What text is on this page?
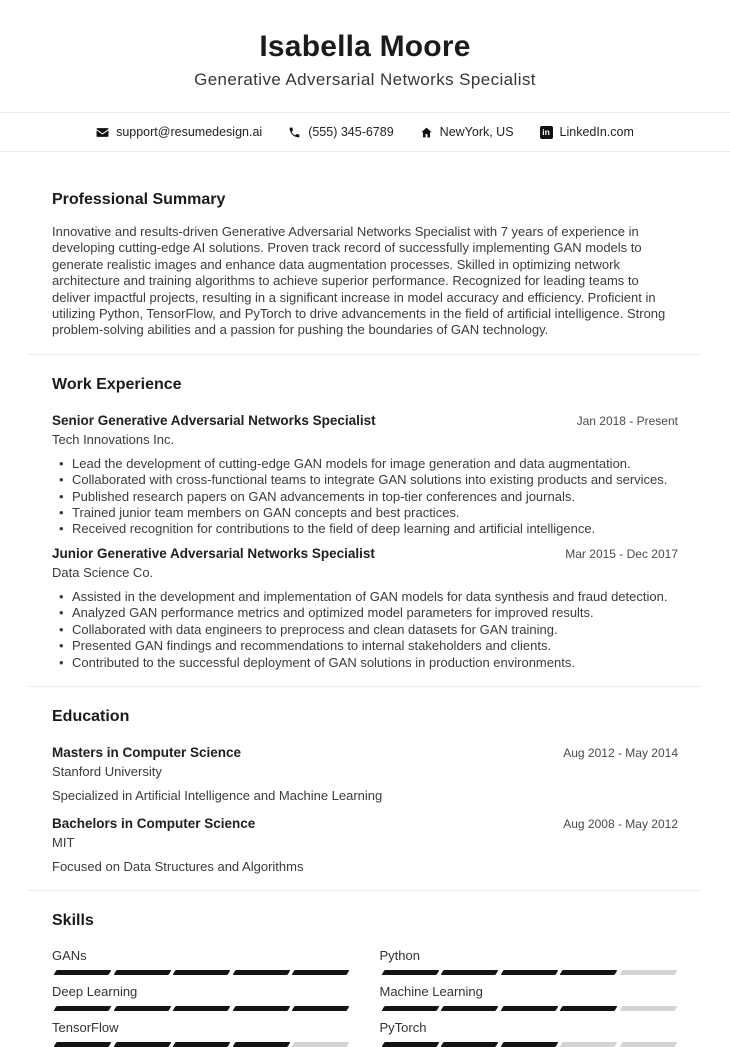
Isabella Moore
Generative Adversarial Networks Specialist
support@resumedesign.ai	(555) 345-6789	NewYork, US	in LinkedIn.com
Professional Summary

Innovative and results-driven Generative Adversarial Networks Specialist with 7 years of experience in developing cutting-edge AI solutions. Proven track record of successfully implementing GAN models to generate realistic images and enhance data augmentation processes. Skilled in optimizing network architecture and training algorithms to achieve superior performance. Recognized for leading teams to deliver impactful projects, resulting in a significant increase in model accuracy and efficiency. Proficient in utilizing Python, TensorFlow, and PyTorch to drive advancements in the field of artificial intelligence. Strong problem-solving abilities and a passion for pushing the boundaries of GAN technology.

Work Experience
Senior Generative Adversarial Networks Specialist	Jan 2018 - Present
Tech Innovations Inc.
• Lead the development of cutting-edge GAN models for image generation and data augmentation.
• Collaborated with cross-functional teams to integrate GAN solutions into existing products and services.
• Published research papers on GAN advancements in top-tier conferences and journals.
• Trained junior team members on GAN concepts and best practices.
• Received recognition for contributions to the field of deep learning and artificial intelligence.
Junior Generative Adversarial Networks Specialist	Mar 2015 - Dec 2017
Data Science Co.
• Assisted in the development and implementation of GAN models for data synthesis and fraud detection.
• Analyzed GAN performance metrics and optimized model parameters for improved results.
• Collaborated with data engineers to preprocess and clean datasets for GAN training.
• Presented GAN findings and recommendations to internal stakeholders and clients.
• Contributed to the successful deployment of GAN solutions in production environments.
Education
Masters in Computer Science	Aug 2012 - May 2014
Stanford University
Specialized in Artificial Intelligence and Machine Learning
Bachelors in Computer Science	Aug 2008 - May 2012
MIT
Focused on Data Structures and Algorithms
Skills
GANs	Python
Deep Learning	Machine Learning
TensorFlow	PyTorch
